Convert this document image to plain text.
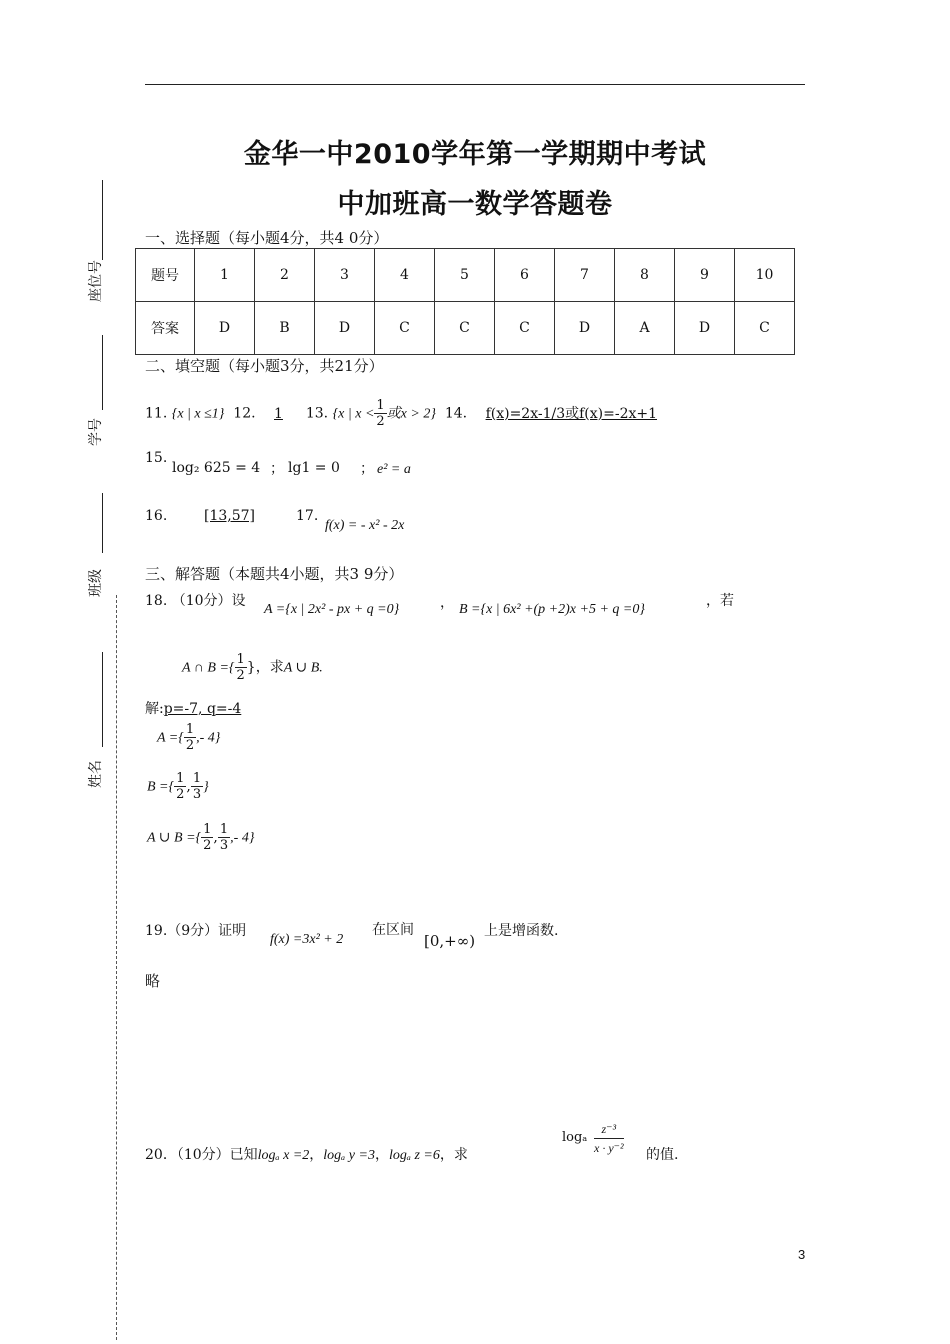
金华一中2010学年第一学期期中考试
中加班高一数学答题卷
座位号
学号
班级
姓名
一、选择题（每小题4分，共4 0分）
题号	1	2	3	4	5	6	7	8	9	10
答案	D	B	D	C	C	C	D	A	D	C
二、填空题（每小题3分，共21分）
11. {x | x ≤1} 12. 1 13. {x | $x < \frac{1}{2}$ 或x > 2} 14. f(x)=2x-1/3或f(x)=-2x+1
15.
log₂ 625 = 4 ； lg1 = 0 ； e² = a
16.	[13,57]	17.
f(x) = - x² - 2x
三、解答题（本题共4小题，共3 9分）
18. （10分）设
A ={x | 2x² - px + q =0}	， B ={x | 6x² +(p +2)x +5 + q =0}
，若
A ∩ B ={ $\frac{1}{2}$ }，求A ∪ B.
解:p=-7, q=-4
A ={ $\frac{1}{2}$ ,- 4}
B ={ $\frac{1}{2}$ , $\frac{1}{3}$ }
A ∪ B ={ $\frac{1}{2}$ , $\frac{1}{3}$ ,- 4}
19.（9分）证明
f(x) =3x² + 2
在区间
[0,+∞)
上是增函数.
略
20．（10分）已知logₐ x =2，logₐ y =3，logₐ z =6，求
logₐ $\frac{\text{z⁻³}}{\text{x · y⁻²}}$ 的值.
3
